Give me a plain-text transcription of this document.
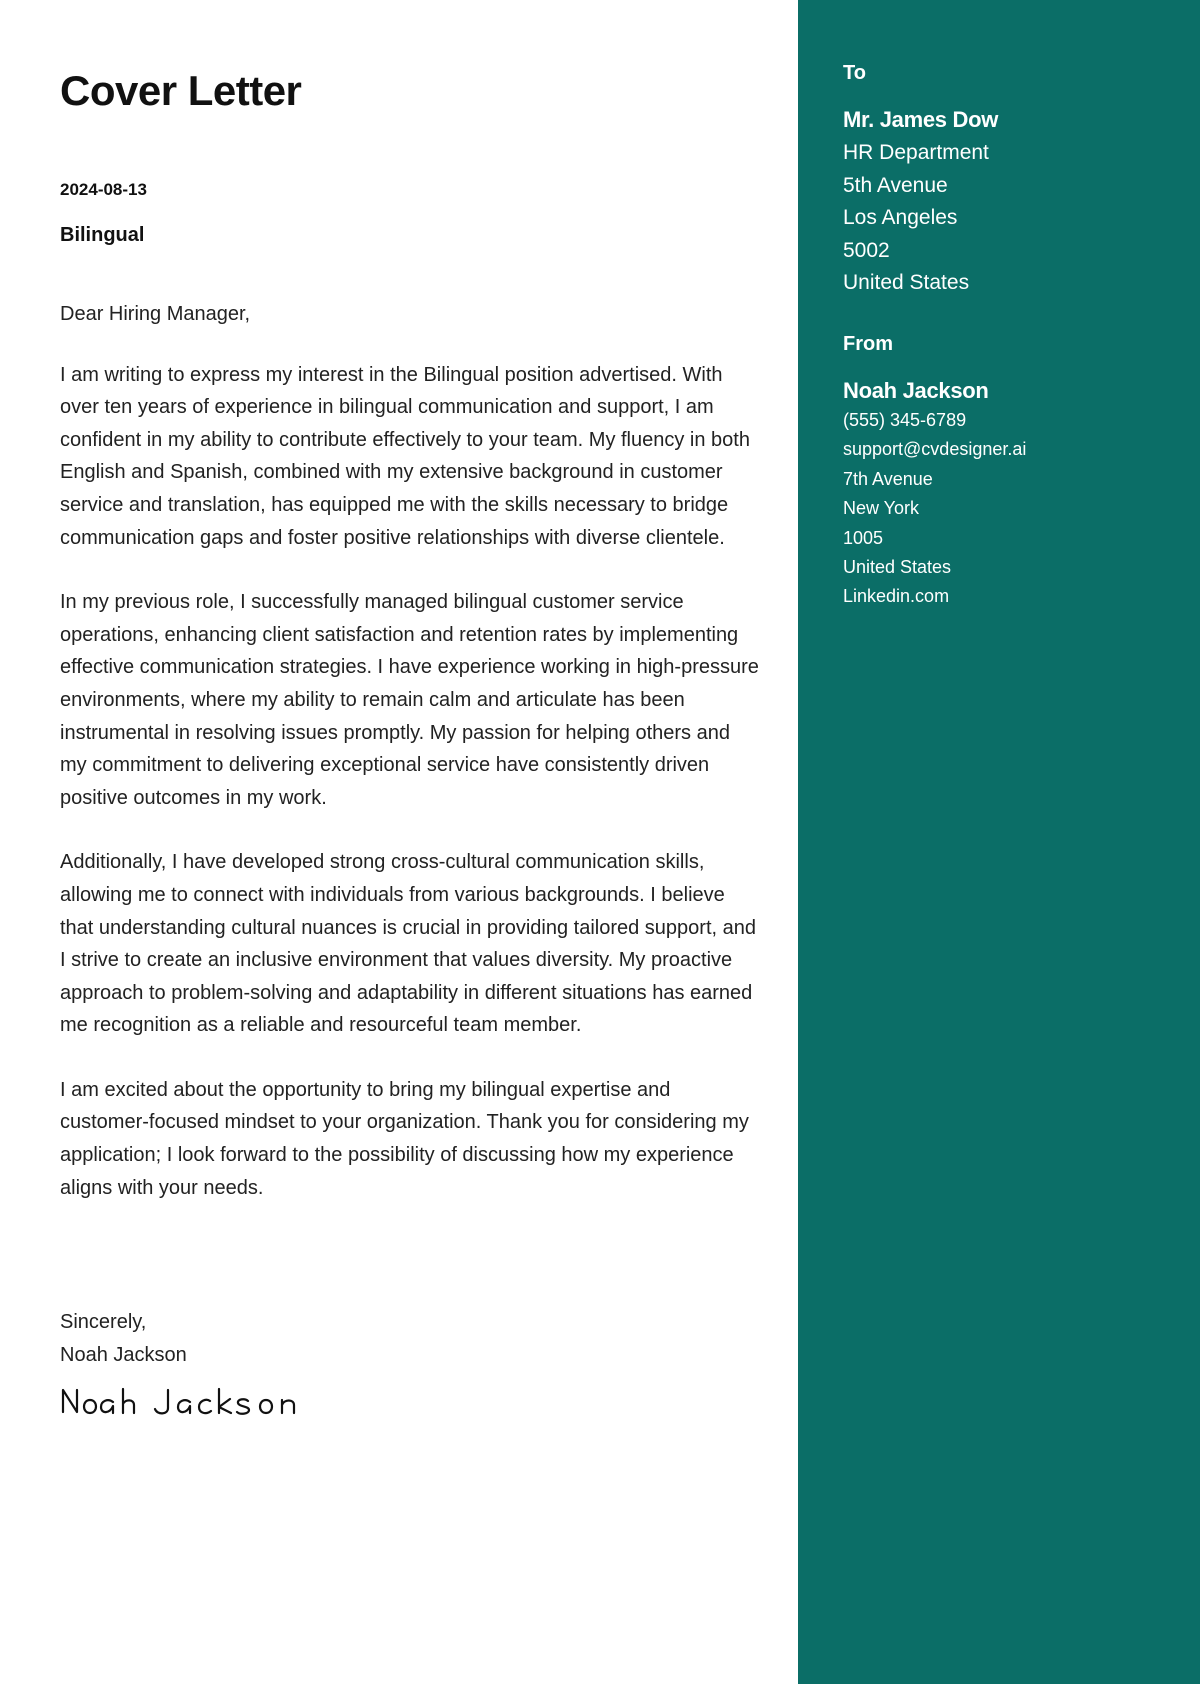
Cover Letter
2024-08-13
Bilingual

Dear Hiring Manager,

I am writing to express my interest in the Bilingual position advertised. With over ten years of experience in bilingual communication and support, I am confident in my ability to contribute effectively to your team. My fluency in both English and Spanish, combined with my extensive background in customer service and translation, has equipped me with the skills necessary to bridge communication gaps and foster positive relationships with diverse clientele.

In my previous role, I successfully managed bilingual customer service operations, enhancing client satisfaction and retention rates by implementing effective communication strategies. I have experience working in high-pressure environments, where my ability to remain calm and articulate has been instrumental in resolving issues promptly. My passion for helping others and my commitment to delivering exceptional service have consistently driven positive outcomes in my work.

Additionally, I have developed strong cross-cultural communication skills, allowing me to connect with individuals from various backgrounds. I believe that understanding cultural nuances is crucial in providing tailored support, and I strive to create an inclusive environment that values diversity. My proactive approach to problem-solving and adaptability in different situations has earned me recognition as a reliable and resourceful team member.

I am excited about the opportunity to bring my bilingual expertise and customer-focused mindset to your organization. Thank you for considering my application; I look forward to the possibility of discussing how my experience aligns with your needs.

Sincerely,
Noah Jackson
To
Mr. James Dow
HR Department
5th Avenue
Los Angeles
5002
United States
From
Noah Jackson
(555) 345-6789
support@cvdesigner.ai
7th Avenue
New York
1005
United States
Linkedin.com
